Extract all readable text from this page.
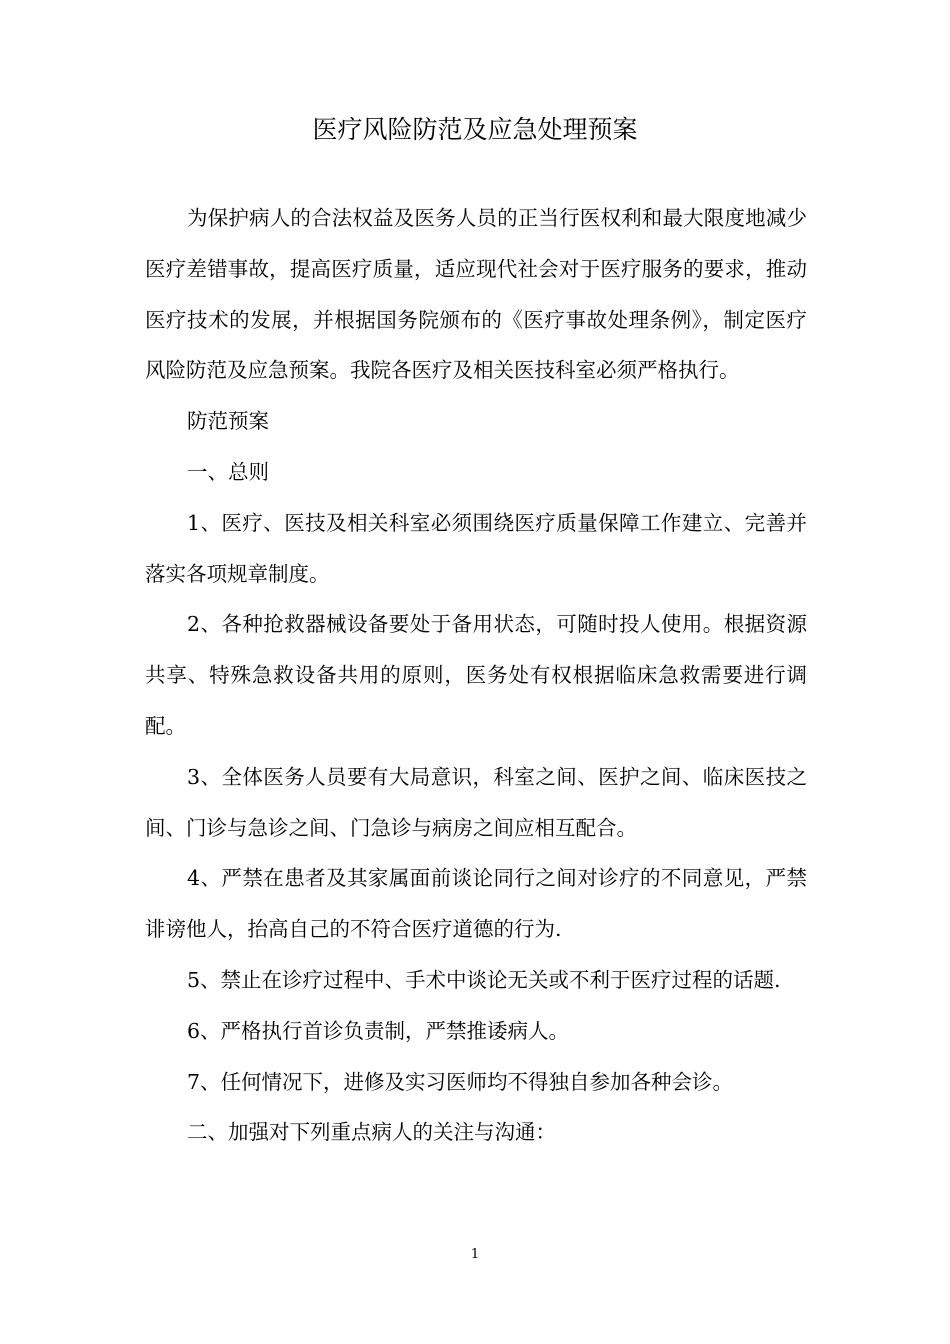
医疗风险防范及应急处理预案

为保护病人的合法权益及医务人员的正当行医权利和最大限度地减少医疗差错事故，提高医疗质量，适应现代社会对于医疗服务的要求，推动医疗技术的发展，并根据国务院颁布的《医疗事故处理条例》，制定医疗风险防范及应急预案。我院各医疗及相关医技科室必须严格执行。

防范预案

一、总则

1、医疗、医技及相关科室必须围绕医疗质量保障工作建立、完善并落实各项规章制度。

2、各种抢救器械设备要处于备用状态，可随时投人使用。根据资源共享、特殊急救设备共用的原则，医务处有权根据临床急救需要进行调配。

3、全体医务人员要有大局意识，科室之间、医护之间、临床医技之间、门诊与急诊之间、门急诊与病房之间应相互配合。

4、严禁在患者及其家属面前谈论同行之间对诊疗的不同意见，严禁诽谤他人，抬高自己的不符合医疗道德的行为.

5、禁止在诊疗过程中、手术中谈论无关或不利于医疗过程的话题.

6、严格执行首诊负责制，严禁推诿病人。

7、任何情况下，进修及实习医师均不得独自参加各种会诊。

二、加强对下列重点病人的关注与沟通：

1
